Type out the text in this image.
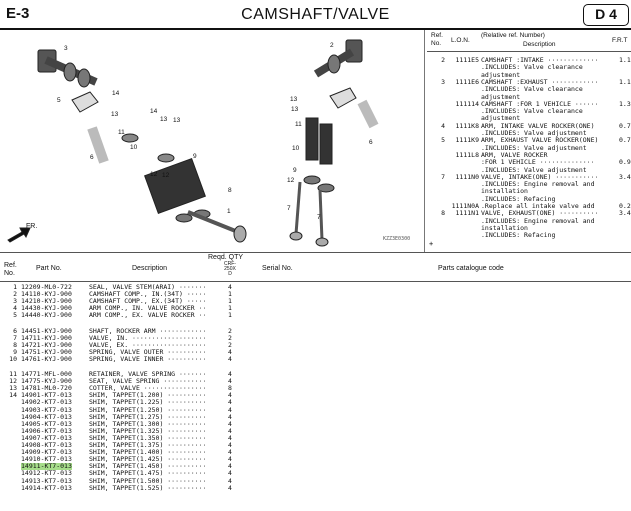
E-3	CAMSHAFT/VALVE	D 4
3	2
14
13
5
13
14
13
11
12
10
9
6
6
12
8
1
13
13
11
10
9
12
7
7
FR.
KZZ3E0300
Ref.
No. L.O.N.
(Relative ref. Number)
Description
F.R.T
2	1111E5 CAMSHAFT :INTAKE ·············	1.1
.INCLUDES: Valve clearance
adjustment
3	1111E6 CAMSHAFT :EXHAUST ············	1.1
.INCLUDES: Valve clearance
adjustment
111114 CAMSHAFT :FOR 1 VEHICLE ······	1.3
.INCLUDES: Valve clearance
adjustment
4	1111K8 ARM, INTAKE VALVE ROCKER(ONE)	0.7
.INCLUDES: Valve adjustment
5	1111K9 ARM, EXHAUST VALVE ROCKER(ONE)	0.7
.INCLUDES: Valve adjustment
1111L8 ARM, VALVE ROCKER
:FOR 1 VEHICLE ··············	0.9
.INCLUDES: Valve adjustment
7	1111N0 VALVE, INTAKE(ONE) ···········	3.4
.INCLUDES: Engine removal and
installation
.INCLUDES: Refacing
1111N0A .Replace all intake valve add	0.2
8	1111N1 VALVE, EXHAUST(ONE) ··········	3.4
.INCLUDES: Engine removal and
installation
.INCLUDES: Refacing
+
Ref.
No.
Part No.	Description
Reqd. QTY
CRF-
250X
D
Serial No.	Parts catalogue code
1 12209-ML0-722	SEAL, VALVE STEM(ARAI) ·······	4
2 14110-KYJ-900	CAMSHAFT COMP., IN.(34T) ·····	1
3 14210-KYJ-900	CAMSHAFT COMP., EX.(34T) ·····	1
4 14430-KYJ-900	ARM COMP., IN. VALVE ROCKER ··	1
5 14440-KYJ-900	ARM COMP., EX. VALVE ROCKER ··	1
6 14451-KYJ-900	SHAFT, ROCKER ARM ············	2
7 14711-KYJ-900	VALVE, IN. ···················	2
8 14721-KYJ-900	VALVE, EX. ···················	2
9 14751-KYJ-900	SPRING, VALVE OUTER ··········	4
10 14761-KYJ-900	SPRING, VALVE INNER ··········	4
11 14771-MFL-000	RETAINER, VALVE SPRING ·······	4
12 14775-KYJ-900	SEAT, VALVE SPRING ···········	4
13 14781-ML0-720	COTTER, VALVE ················	8
14 14901-KT7-013	SHIM, TAPPET(1.200) ··········	4
14902-KT7-013	SHIM, TAPPET(1.225) ··········	4
14903-KT7-013	SHIM, TAPPET(1.250) ··········	4
14904-KT7-013	SHIM, TAPPET(1.275) ··········	4
14905-KT7-013	SHIM, TAPPET(1.300) ··········	4
14906-KT7-013	SHIM, TAPPET(1.325) ··········	4
14907-KT7-013	SHIM, TAPPET(1.350) ··········	4
14908-KT7-013	SHIM, TAPPET(1.375) ··········	4
14909-KT7-013	SHIM, TAPPET(1.400) ··········	4
14910-KT7-013	SHIM, TAPPET(1.425) ··········	4
14911-KT7-013	SHIM, TAPPET(1.450) ··········	4
14912-KT7-013	SHIM, TAPPET(1.475) ··········	4
14913-KT7-013	SHIM, TAPPET(1.500) ··········	4
14914-KT7-013	SHIM, TAPPET(1.525) ··········	4
